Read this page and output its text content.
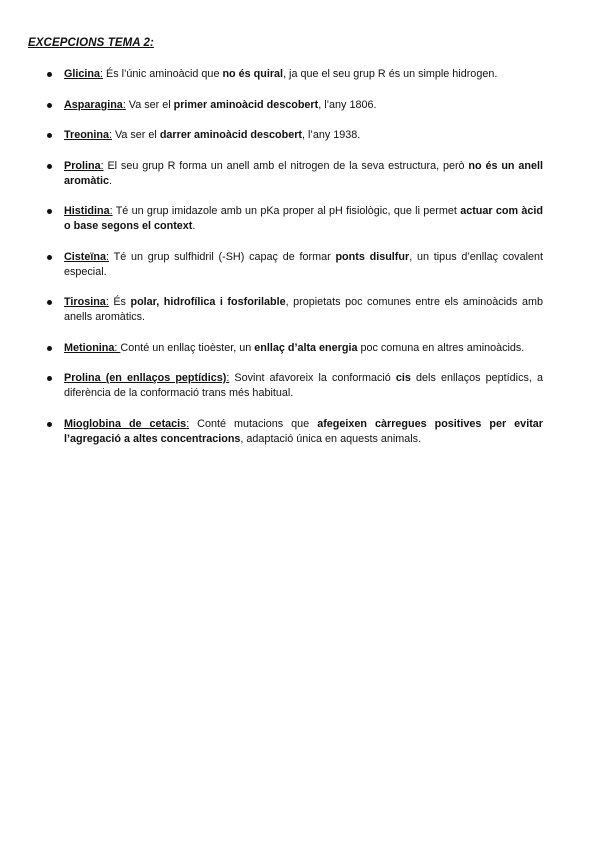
EXCEPCIONS TEMA 2:
Glicina: És l’únic aminoàcid que no és quiral, ja que el seu grup R és un simple hidrogen.
Asparagina: Va ser el primer aminoàcid descobert, l’any 1806.
Treonina: Va ser el darrer aminoàcid descobert, l’any 1938.
Prolina: El seu grup R forma un anell amb el nitrogen de la seva estructura, però no és un anell aromàtic.
Histidina: Té un grup imidazole amb un pKa proper al pH fisiològic, que li permet actuar com àcid o base segons el context.
Cisteïna: Té un grup sulfhidril (-SH) capaç de formar ponts disulfur, un tipus d’enllaç covalent especial.
Tirosina: És polar, hidrofílica i fosforilable, propietats poc comunes entre els aminoàcids amb anells aromàtics.
Metionina: Conté un enllaç tioèster, un enllaç d’alta energia poc comuna en altres aminoàcids.
Prolina (en enllaços peptídics): Sovint afavoreix la conformació cis dels enllaços peptídics, a diferència de la conformació trans més habitual.
Mioglobina de cetacis: Conté mutacions que afegeixen càrregues positives per evitar l’agregació a altes concentracions, adaptació única en aquests animals.
